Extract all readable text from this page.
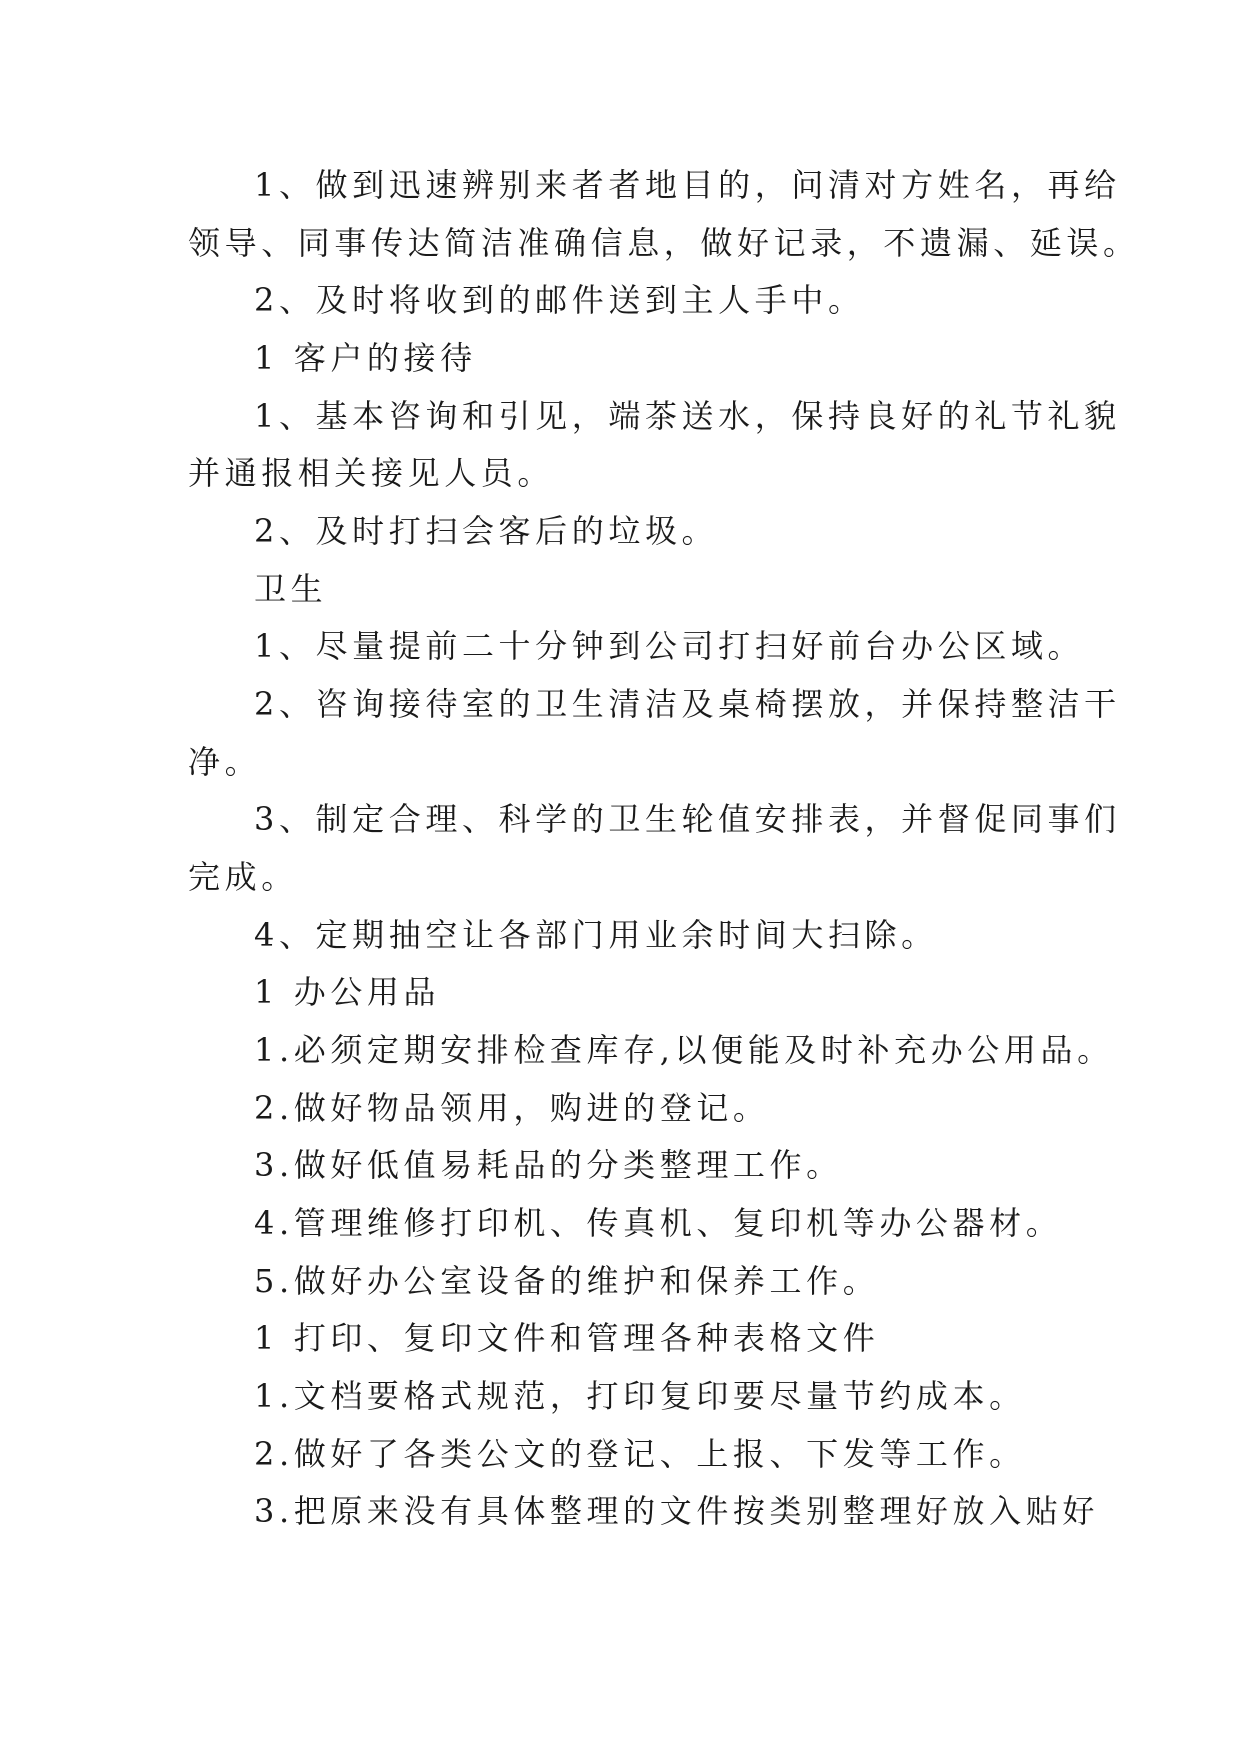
1、做到迅速辨别来者者地目的，问清对方姓名，再给
领导、同事传达简洁准确信息，做好记录，不遗漏、延误。
2、及时将收到的邮件送到主人手中。
1 客户的接待
1、基本咨询和引见，端茶送水，保持良好的礼节礼貌
并通报相关接见人员。
2、及时打扫会客后的垃圾。
卫生
1、尽量提前二十分钟到公司打扫好前台办公区域。
2、咨询接待室的卫生清洁及桌椅摆放，并保持整洁干
净。
3、制定合理、科学的卫生轮值安排表，并督促同事们
完成。
4、定期抽空让各部门用业余时间大扫除。
1 办公用品
1.必须定期安排检查库存,以便能及时补充办公用品。
2.做好物品领用，购进的登记。
3.做好低值易耗品的分类整理工作。
4.管理维修打印机、传真机、复印机等办公器材。
5.做好办公室设备的维护和保养工作。
1 打印、复印文件和管理各种表格文件
1.文档要格式规范，打印复印要尽量节约成本。
2.做好了各类公文的登记、上报、下发等工作。
3.把原来没有具体整理的文件按类别整理好放入贴好
